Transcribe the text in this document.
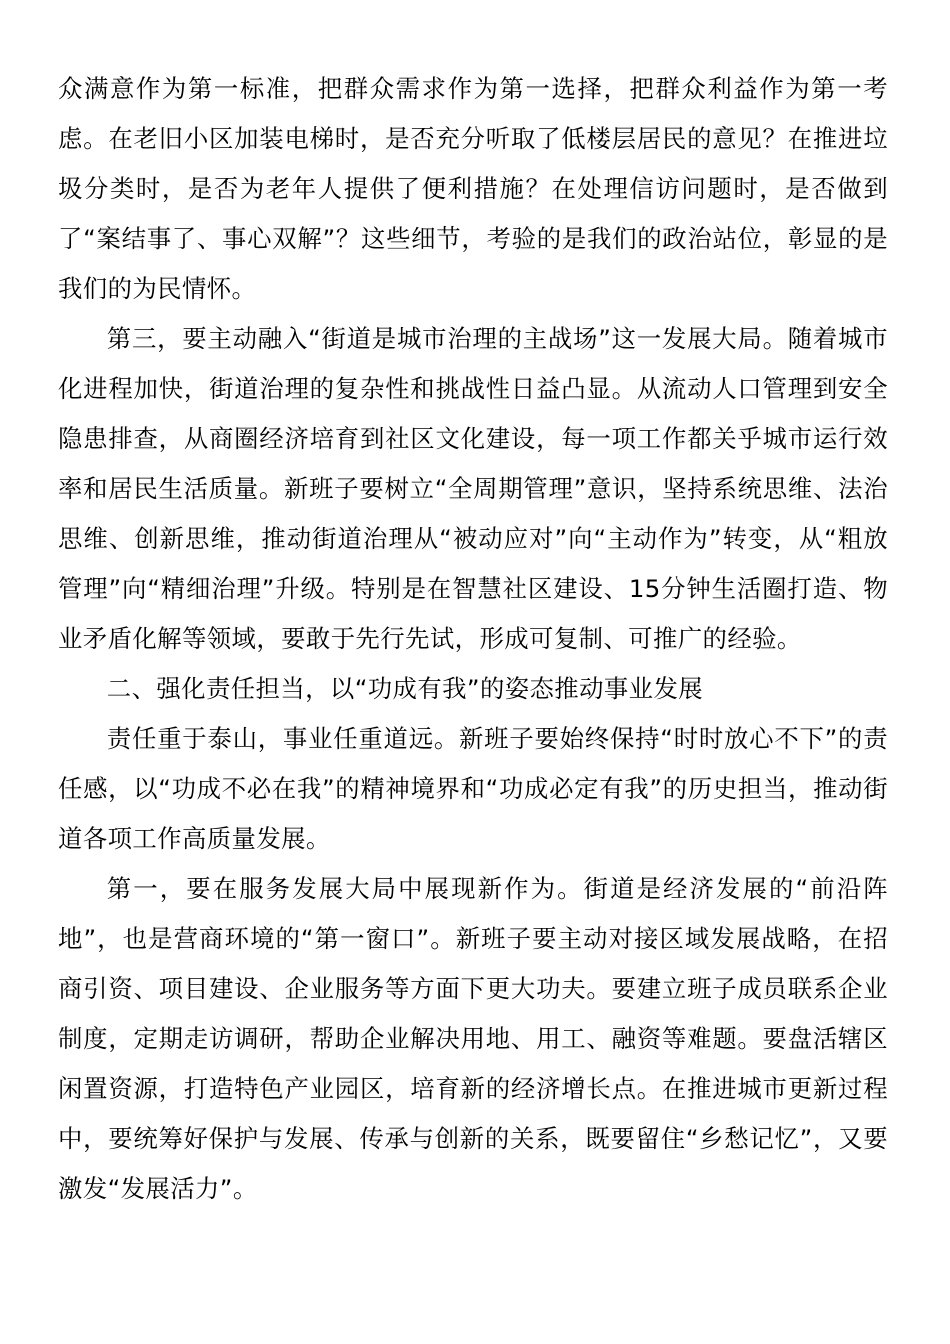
众满意作为第一标准，把群众需求作为第一选择，把群众利益作为第一考虑。在老旧小区加装电梯时，是否充分听取了低楼层居民的意见？在推进垃圾分类时，是否为老年人提供了便利措施？在处理信访问题时，是否做到了“案结事了、事心双解”？这些细节，考验的是我们的政治站位，彰显的是我们的为民情怀。

第三，要主动融入“街道是城市治理的主战场”这一发展大局。随着城市化进程加快，街道治理的复杂性和挑战性日益凸显。从流动人口管理到安全隐患排查，从商圈经济培育到社区文化建设，每一项工作都关乎城市运行效率和居民生活质量。新班子要树立“全周期管理”意识，坚持系统思维、法治思维、创新思维，推动街道治理从“被动应对”向“主动作为”转变，从“粗放管理”向“精细治理”升级。特别是在智慧社区建设、15分钟生活圈打造、物业矛盾化解等领域，要敢于先行先试，形成可复制、可推广的经验。

二、强化责任担当，以“功成有我”的姿态推动事业发展

责任重于泰山，事业任重道远。新班子要始终保持“时时放心不下”的责任感，以“功成不必在我”的精神境界和“功成必定有我”的历史担当，推动街道各项工作高质量发展。

第一，要在服务发展大局中展现新作为。街道是经济发展的“前沿阵地”，也是营商环境的“第一窗口”。新班子要主动对接区域发展战略，在招商引资、项目建设、企业服务等方面下更大功夫。要建立班子成员联系企业制度，定期走访调研，帮助企业解决用地、用工、融资等难题。要盘活辖区闲置资源，打造特色产业园区，培育新的经济增长点。在推进城市更新过程中，要统筹好保护与发展、传承与创新的关系，既要留住“乡愁记忆”，又要激发“发展活力”。
